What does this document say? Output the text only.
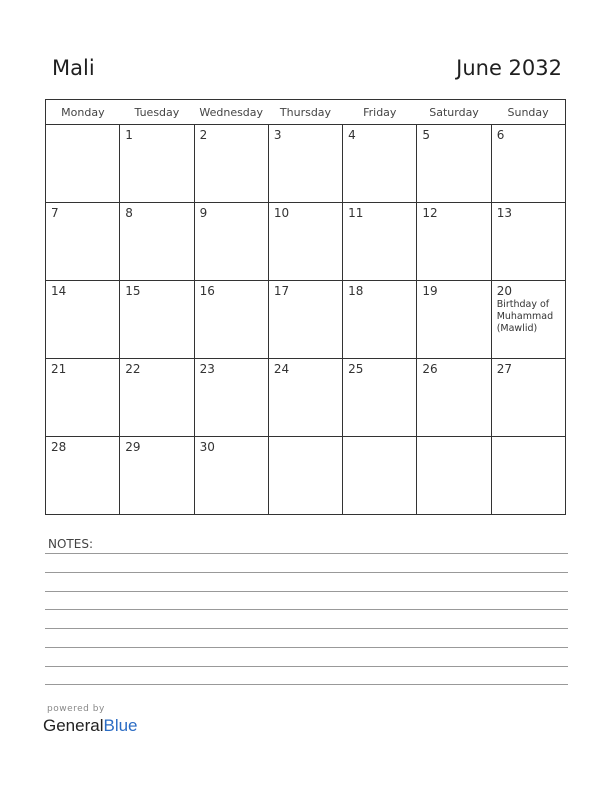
Mali	June 2032
Monday	Tuesday	Wednesday	Thursday	Friday	Saturday	Sunday

	1	2	3	4	5	6

7	8	9	10	11	12	13

14	15	16	17	18	19	20
Birthday of Muhammad (Mawlid)

21	22	23	24	25	26	27

28	29	30				

NOTES:
powered by
GeneralBlue
